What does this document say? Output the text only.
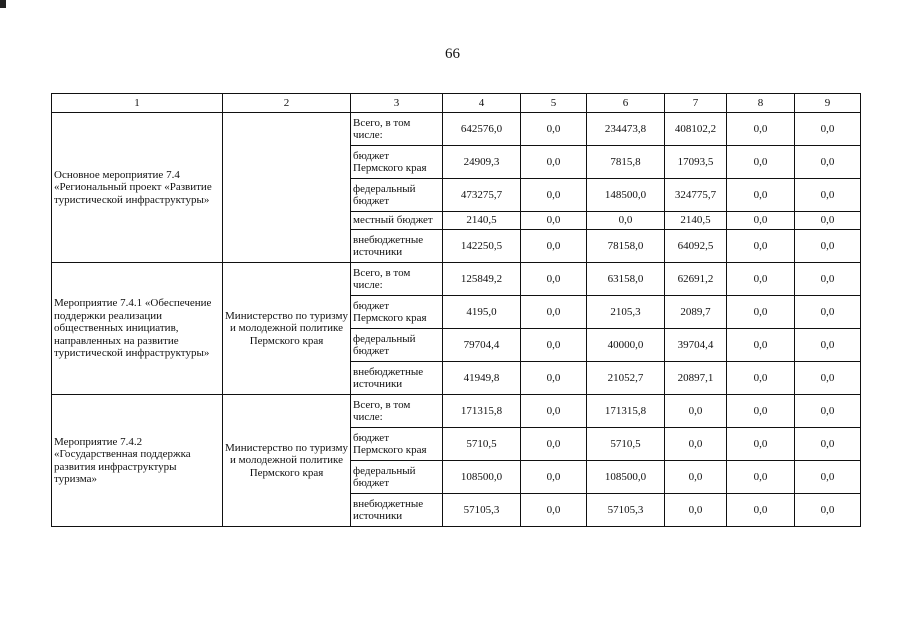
66
1	2	3	4	5	6	7	8	9
Основное мероприятие 7.4 «Региональный проект «Развитие туристической инфраструктуры»		Всего, в том числе:	642576,0	0,0	234473,8	408102,2	0,0	0,0
		бюджет Пермского края	24909,3	0,0	7815,8	17093,5	0,0	0,0
		федеральный бюджет	473275,7	0,0	148500,0	324775,7	0,0	0,0
		местный бюджет	2140,5	0,0	0,0	2140,5	0,0	0,0
		внебюджетные источники	142250,5	0,0	78158,0	64092,5	0,0	0,0
Мероприятие 7.4.1 «Обеспечение поддержки реализации общественных инициатив, направленных на развитие туристической инфраструктуры»	Министерство по туризму и молодежной политике Пермского края	Всего, в том числе:	125849,2	0,0	63158,0	62691,2	0,0	0,0
		бюджет Пермского края	4195,0	0,0	2105,3	2089,7	0,0	0,0
		федеральный бюджет	79704,4	0,0	40000,0	39704,4	0,0	0,0
		внебюджетные источники	41949,8	0,0	21052,7	20897,1	0,0	0,0
Мероприятие 7.4.2 «Государственная поддержка развития инфраструктуры туризма»	Министерство по туризму и молодежной политике Пермского края	Всего, в том числе:	171315,8	0,0	171315,8	0,0	0,0	0,0
		бюджет Пермского края	5710,5	0,0	5710,5	0,0	0,0	0,0
		федеральный бюджет	108500,0	0,0	108500,0	0,0	0,0	0,0
		внебюджетные источники	57105,3	0,0	57105,3	0,0	0,0	0,0
